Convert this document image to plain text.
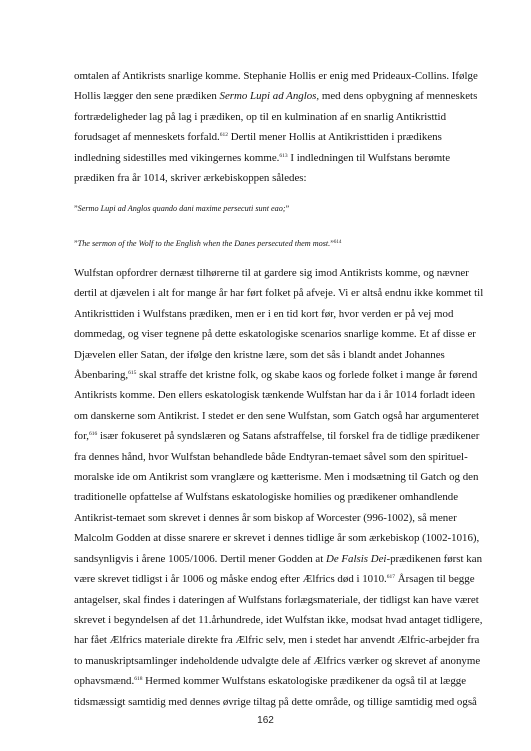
omtalen af Antikrists snarlige komme. Stephanie Hollis er enig med Prideaux-Collins. Ifølge
Hollis lægger den sene prædiken Sermo Lupi ad Anglos, med dens opbygning af menneskets
fortrædeligheder lag på lag i prædiken, op til en kulmination af en snarlig Antikristtid
forudsaget af menneskets forfald.$^{612}$ Dertil mener Hollis at Antikristtiden i prædikens
indledning sidestilles med vikingernes komme.$^{613}$ I indledningen til Wulfstans berømte
prædiken fra år 1014, skriver ærkebiskoppen således:
”Sermo Lupi ad Anglos quando dani maxime persecuti sunt eao;”
”The sermon of the Wolf to the English when the Danes persecuted them most.”$^{614}$
Wulfstan opfordrer dernæst tilhørerne til at gardere sig imod Antikrists komme, og nævner
dertil at djævelen i alt for mange år har ført folket på afveje. Vi er altså endnu ikke kommet til
Antikristtiden i Wulfstans prædiken, men er i en tid kort før, hvor verden er på vej mod
dommedag, og viser tegnene på dette eskatologiske scenarios snarlige komme. Et af disse er
Djævelen eller Satan, der ifølge den kristne lære, som det sås i blandt andet Johannes
Åbenbaring,$^{615}$ skal straffe det kristne folk, og skabe kaos og forlede folket i mange år førend
Antikrists komme. Den ellers eskatologisk tænkende Wulfstan har da i år 1014 forladt ideen
om danskerne som Antikrist. I stedet er den sene Wulfstan, som Gatch også har argumenteret
for,$^{616}$ især fokuseret på syndslæren og Satans afstraffelse, til forskel fra de tidlige prædikener
fra dennes hånd, hvor Wulfstan behandlede både Endtyran-temaet såvel som den spirituel-
moralske ide om Antikrist som vranglære og kætterisme. Men i modsætning til Gatch og den
traditionelle opfattelse af Wulfstans eskatologiske homilies og prædikener omhandlende
Antikrist-temaet som skrevet i dennes år som biskop af Worcester (996-1002), så mener
Malcolm Godden at disse snarere er skrevet i dennes tidlige år som ærkebiskop (1002-1016),
sandsynligvis i årene 1005/1006. Dertil mener Godden at De Falsis Dei-prædikenen først kan
være skrevet tidligst i år 1006 og måske endog efter Ælfrics død i 1010.$^{617}$ Årsagen til begge
antagelser, skal findes i dateringen af Wulfstans forlægsmateriale, der tidligst kan have været
skrevet i begyndelsen af det 11.århundrede, idet Wulfstan ikke, modsat hvad antaget tidligere,
har fået Ælfrics materiale direkte fra Ælfric selv, men i stedet har anvendt Ælfric-arbejder fra
to manuskriptsamlinger indeholdende udvalgte dele af Ælfrics værker og skrevet af anonyme
ophavsmænd.$^{618}$ Hermed kommer Wulfstans eskatologiske prædikener da også til at lægge
tidsmæssigt samtidig med dennes øvrige tiltag på dette område, og tillige samtidig med også
162
